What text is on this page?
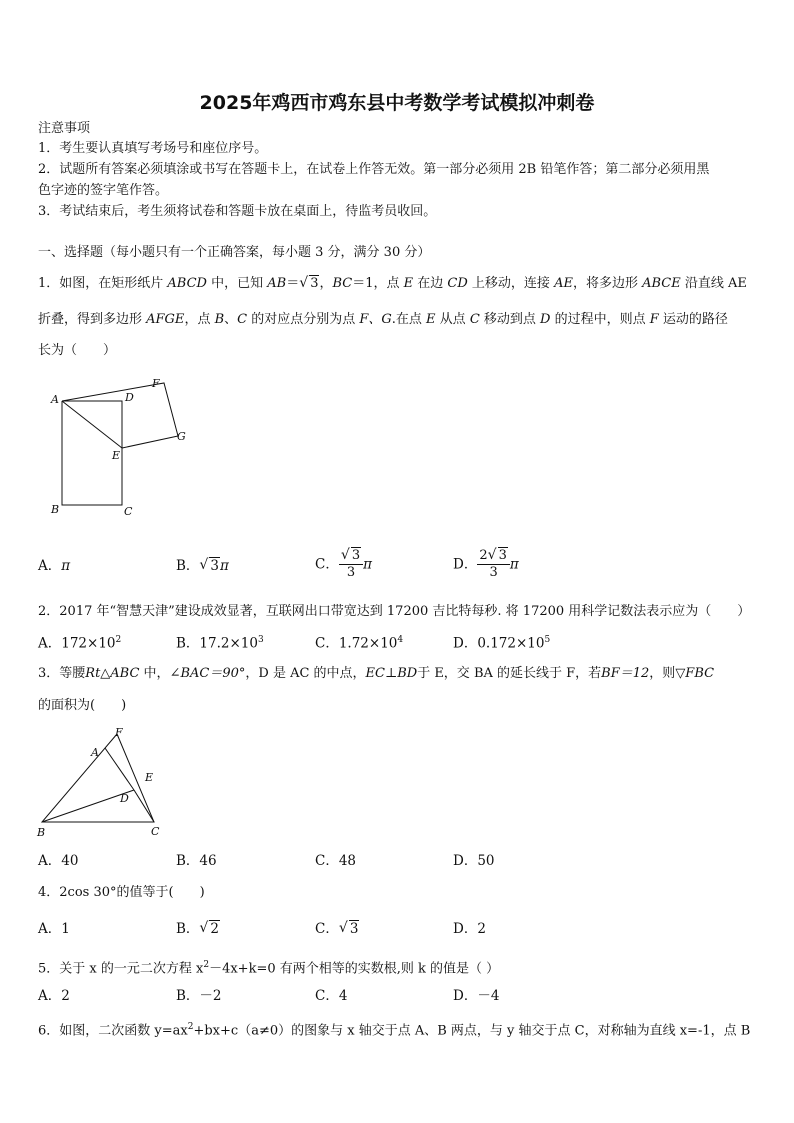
2025年鸡西市鸡东县中考数学考试模拟冲刺卷
注意事项
1．考生要认真填写考场号和座位序号。
2．试题所有答案必须填涂或书写在答题卡上，在试卷上作答无效。第一部分必须用 2B 铅笔作答；第二部分必须用黑
色字迹的签字笔作答。
3．考试结束后，考生须将试卷和答题卡放在桌面上，待监考员收回。
一、选择题（每小题只有一个正确答案，每小题 3 分，满分 30 分）
1．如图，在矩形纸片 ABCD 中，已知 AB＝ √ 3，BC＝1，点 E 在边 CD 上移动，连接 AE，将多边形 ABCE 沿直线 AE
折叠，得到多边形 AFGE，点 B、C 的对应点分别为点 F、G.在点 E 从点 C 移动到点 D 的过程中，则点 F 运动的路径
长为（　　）
A	D
F
G
E
B	C
A．π	B． √ 3π	C． √ $\frac{3}{3}$ π	D． $\frac{2 √ 3}{3}$ π
2．2017 年“智慧天津”建设成效显著，互联网出口带宽达到 17200 吉比特每秒. 将 17200 用科学记数法表示应为（　　）
A．$172\times 10^2$	B．$17.2\times 10^3$	C．$1.72\times 10^4$	D．$0.172\times 10^5$
3．等腰Rt△ABC 中，∠BAC＝90°，D 是 AC 的中点，EC⊥BD于 E，交 BA 的延长线于 F，若BF＝12，则▽FBC
的面积为(　　)
F
A
E
D
B	C
A．40	B．46	C．48	D．50
4．2cos 30°的值等于(　　)
A．1	B． √ 2	C． √ 3	D．2
5．关于 x 的一元二次方程 $x^2-4x+k=0$ 有两个相等的实数根,则 k 的值是（ ）
A．2	B．－2	C．4	D．－4
6．如图，二次函数 $y=ax^2+bx+c(a\ne 0)$的图象与 x 轴交于点 A、B 两点，与 y 轴交于点 C，对称轴为直线 x=-1，点 B
